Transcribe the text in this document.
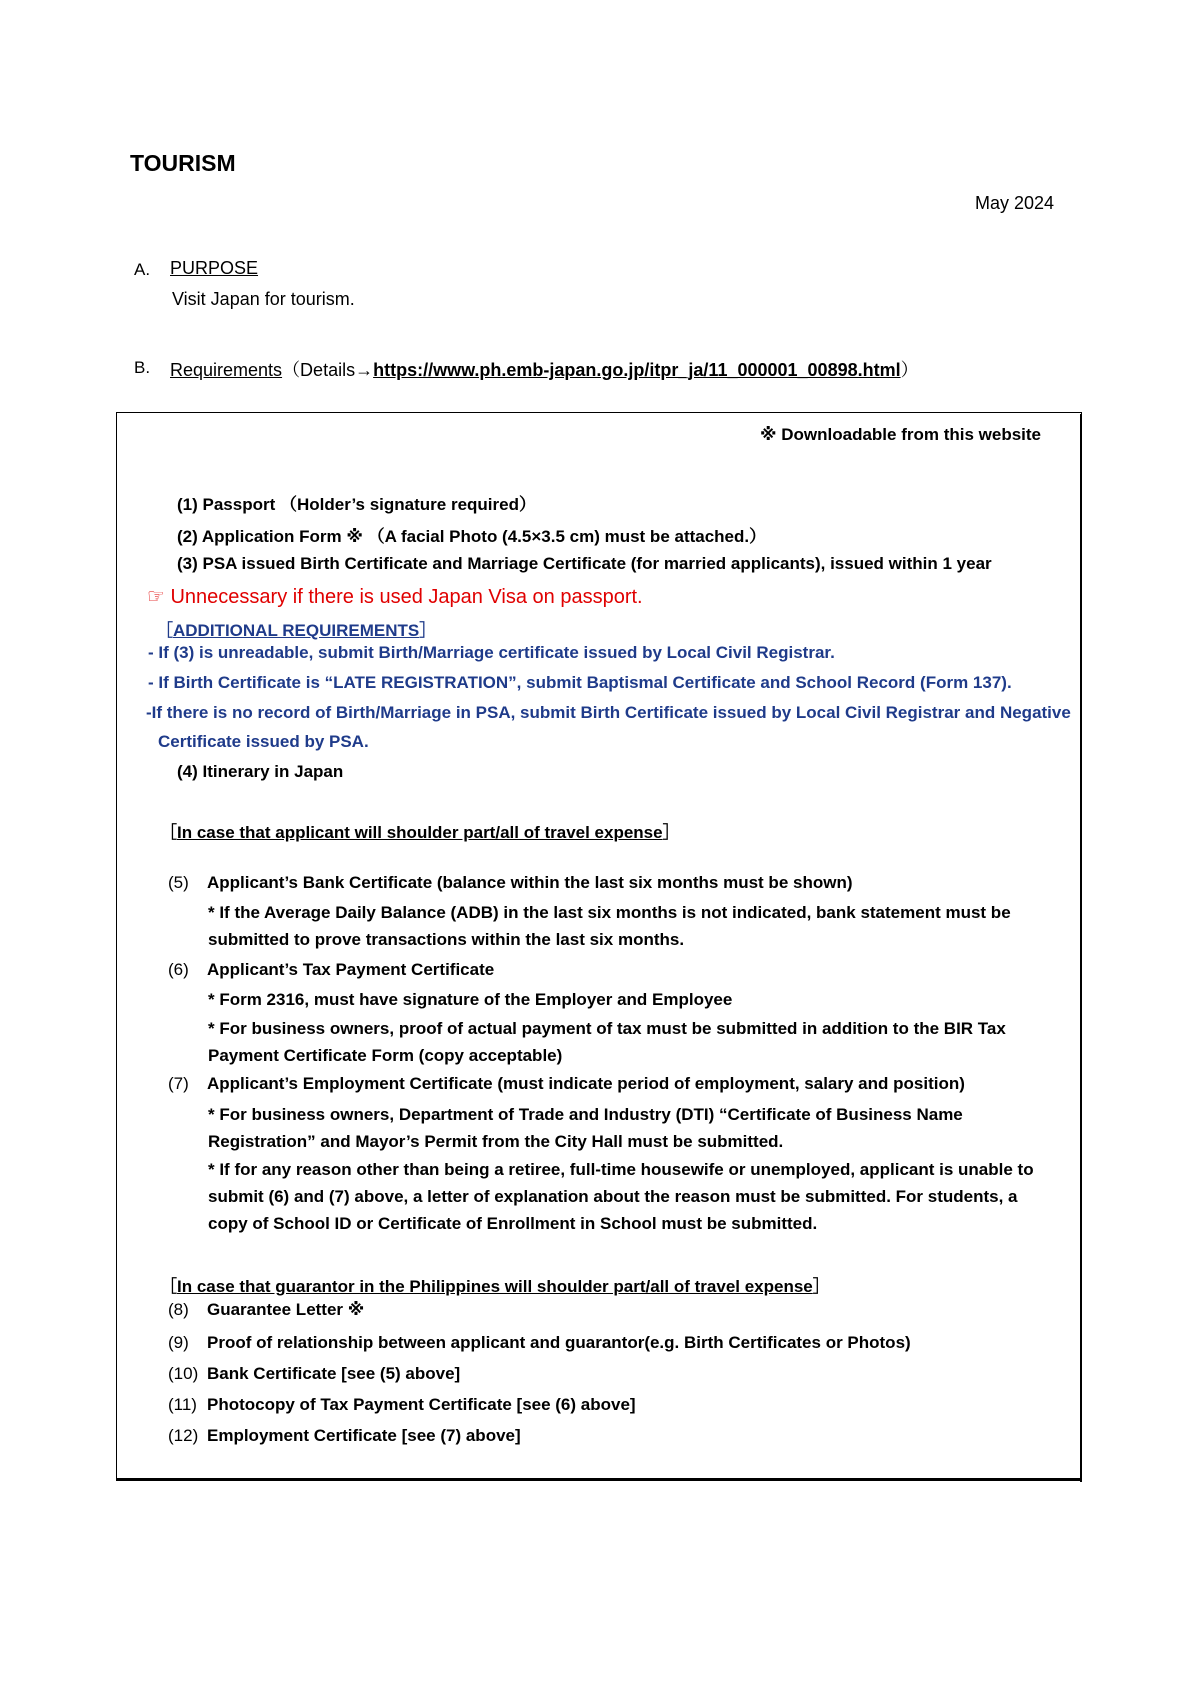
TOURISM
May 2024
A. PURPOSE
Visit Japan for tourism.
B. Requirements（Details→https://www.ph.emb-japan.go.jp/itpr_ja/11_000001_00898.html）
※ Downloadable from this website
(1) Passport （Holder’s signature required）
(2) Application Form ※ （A facial Photo (4.5×3.5 cm) must be attached.）
(3) PSA issued Birth Certificate and Marriage Certificate (for married applicants), issued within 1 year
☞ Unnecessary if there is used Japan Visa on passport.
［ADDITIONAL REQUIREMENTS］
- If (3) is unreadable, submit Birth/Marriage certificate issued by Local Civil Registrar.
- If Birth Certificate is “LATE REGISTRATION”, submit Baptismal Certificate and School Record (Form 137).
-If there is no record of Birth/Marriage in PSA, submit Birth Certificate issued by Local Civil Registrar and Negative
Certificate issued by PSA.
(4) Itinerary in Japan
［In case that applicant will shoulder part/all of travel expense］
(5) Applicant’s Bank Certificate (balance within the last six months must be shown)
* If the Average Daily Balance (ADB) in the last six months is not indicated, bank statement must be
submitted to prove transactions within the last six months.
(6) Applicant’s Tax Payment Certificate
* Form 2316, must have signature of the Employer and Employee
* For business owners, proof of actual payment of tax must be submitted in addition to the BIR Tax
Payment Certificate Form (copy acceptable)
(7) Applicant’s Employment Certificate (must indicate period of employment, salary and position)
* For business owners, Department of Trade and Industry (DTI) “Certificate of Business Name
Registration” and Mayor’s Permit from the City Hall must be submitted.
* If for any reason other than being a retiree, full-time housewife or unemployed, applicant is unable to
submit (6) and (7) above, a letter of explanation about the reason must be submitted. For students, a
copy of School ID or Certificate of Enrollment in School must be submitted.
［In case that guarantor in the Philippines will shoulder part/all of travel expense］
(8) Guarantee Letter ※
(9) Proof of relationship between applicant and guarantor(e.g. Birth Certificates or Photos)
(10) Bank Certificate [see (5) above]
(11) Photocopy of Tax Payment Certificate [see (6) above]
(12) Employment Certificate [see (7) above]
